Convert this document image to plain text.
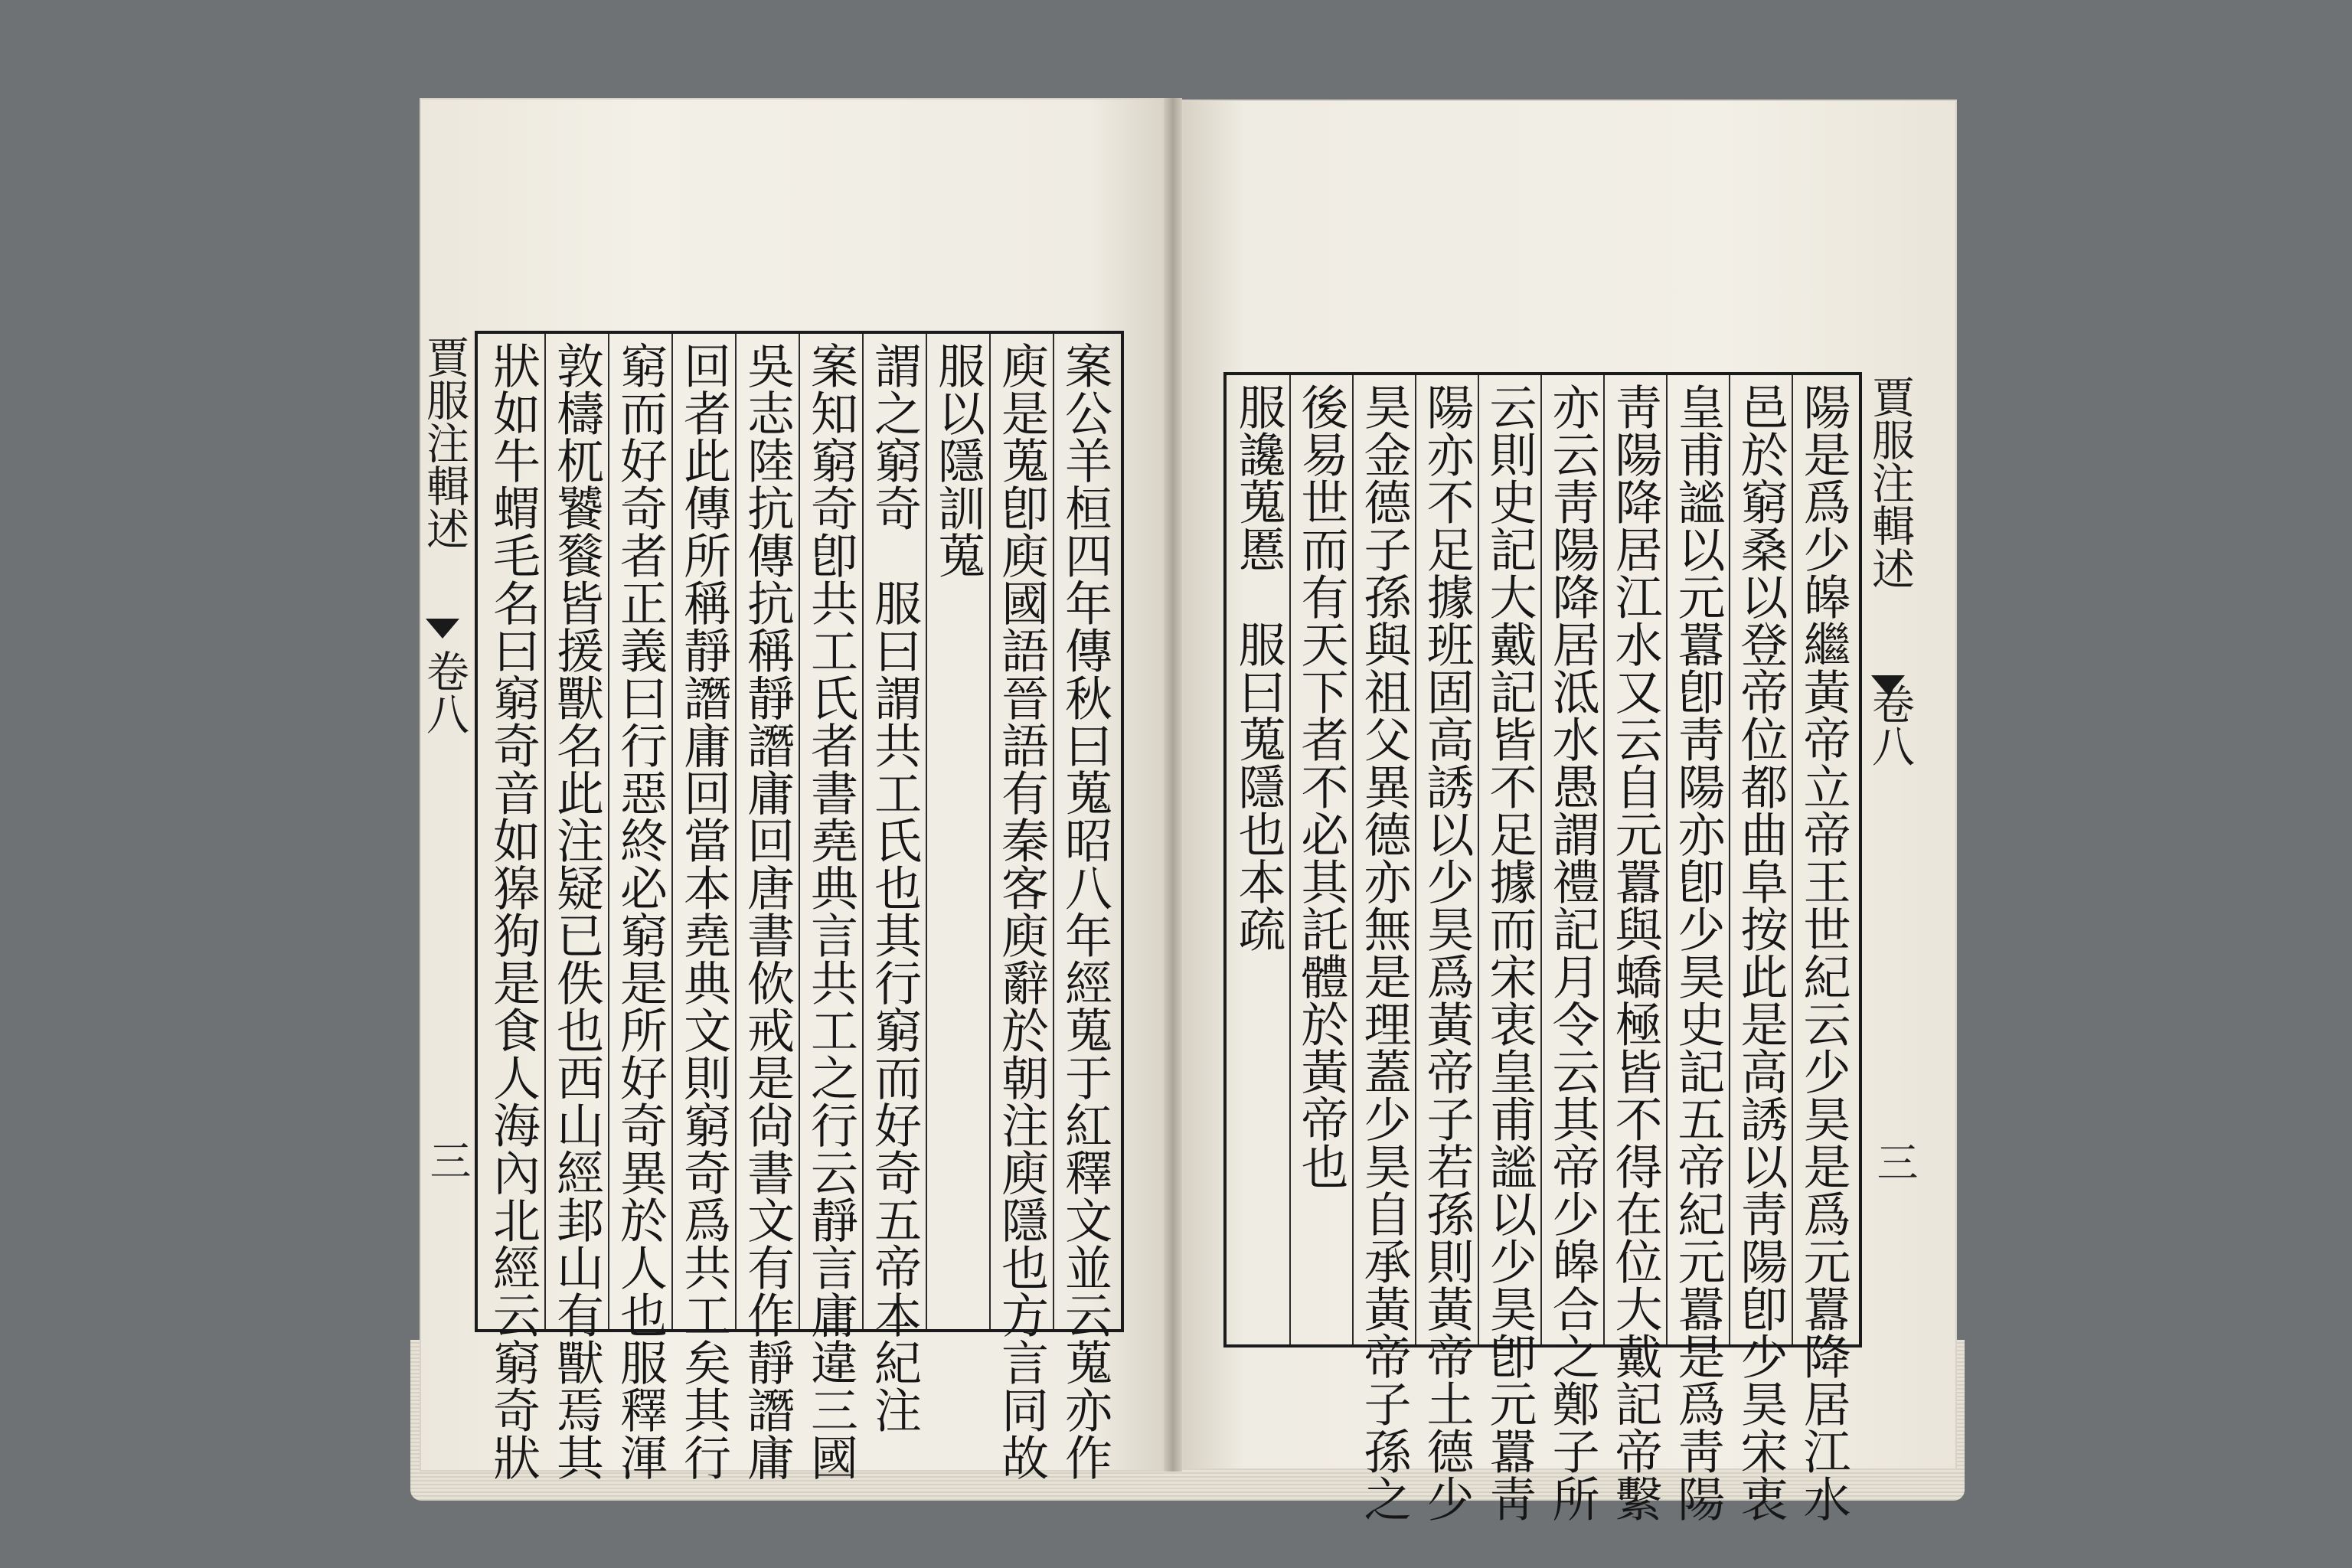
案公羊桓四年傳秋曰蒐昭八年經蒐于紅釋文並云蒐亦作
庾是蒐卽庾國語晉語有秦客庾辭於朝注庾隱也方言同故
服以隱訓蒐
謂之窮奇　服曰謂共工氏也其行窮而好奇五帝本紀注
案知窮奇卽共工氏者書堯典言共工之行云靜言庸違三國
吳志陸抗傳抗稱靜譖庸回唐書佽戒是尙書文有作靜譖庸
回者此傳所稱靜譖庸回當本堯典文則窮奇爲共工矣其行
窮而好奇者正義曰行惡終必窮是所好奇異於人也服釋渾
敦檮杌饕餮皆援獸名此注疑已佚也西山經邽山有獸焉其
狀如牛蝟毛名曰窮奇音如獆狗是食人海內北經云窮奇狀
賈服注輯述
卷八
三	陽是爲少皞繼黃帝立帝王世紀云少昊是爲元囂降居江水
邑於窮桑以登帝位都曲阜按此是高誘以靑陽卽少昊宋衷
皇甫謐以元囂卽靑陽亦卽少昊史記五帝紀元囂是爲靑陽
靑陽降居江水又云自元囂與蟜極皆不得在位大戴記帝繫
亦云靑陽降居泜水愚謂禮記月令云其帝少皞合之鄭子所
云則史記大戴記皆不足據而宋衷皇甫謐以少昊卽元囂靑
陽亦不足據班固高誘以少昊爲黃帝子若孫則黃帝土德少
昊金德子孫與祖父異德亦無是理蓋少昊自承黃帝子孫之
後易世而有天下者不必其託體於黃帝也
服讒蒐慝　服曰蒐隱也本疏	賈服注輯述
卷八
三
